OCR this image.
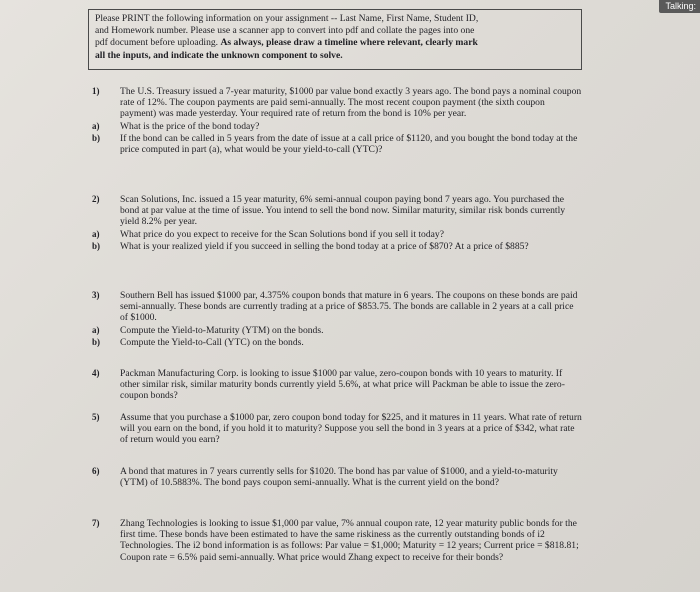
Talking:
Please PRINT the following information on your assignment -- Last Name, First Name, Student ID,
and Homework number. Please use a scanner app to convert into pdf and collate the pages into one
pdf document before uploading. As always, please draw a timeline where relevant, clearly mark
all the inputs, and indicate the unknown component to solve.
1)	The U.S. Treasury issued a 7-year maturity, $1000 par value bond exactly 3 years ago. The bond pays a nominal coupon rate of 12%. The coupon payments are paid semi-annually. The most recent coupon payment (the sixth coupon payment) was made yesterday. Your required rate of return from the bond is 10% per year.
a)	What is the price of the bond today?
b)	If the bond can be called in 5 years from the date of issue at a call price of $1120, and you bought the bond today at the price computed in part (a), what would be your yield-to-call (YTC)?
2)	Scan Solutions, Inc. issued a 15 year maturity, 6% semi-annual coupon paying bond 7 years ago. You purchased the bond at par value at the time of issue. You intend to sell the bond now. Similar maturity, similar risk bonds currently yield 8.2% per year.
a)	What price do you expect to receive for the Scan Solutions bond if you sell it today?
b)	What is your realized yield if you succeed in selling the bond today at a price of $870? At a price of $885?
3)	Southern Bell has issued $1000 par, 4.375% coupon bonds that mature in 6 years. The coupons on these bonds are paid semi-annually. These bonds are currently trading at a price of $853.75. The bonds are callable in 2 years at a call price of $1000.
a)	Compute the Yield-to-Maturity (YTM) on the bonds.
b)	Compute the Yield-to-Call (YTC) on the bonds.
4)	Packman Manufacturing Corp. is looking to issue $1000 par value, zero-coupon bonds with 10 years to maturity. If other similar risk, similar maturity bonds currently yield 5.6%, at what price will Packman be able to issue the zero-coupon bonds?
5)	Assume that you purchase a $1000 par, zero coupon bond today for $225, and it matures in 11 years. What rate of return will you earn on the bond, if you hold it to maturity? Suppose you sell the bond in 3 years at a price of $342, what rate of return would you earn?
6)	A bond that matures in 7 years currently sells for $1020. The bond has par value of $1000, and a yield-to-maturity (YTM) of 10.5883%. The bond pays coupon semi-annually. What is the current yield on the bond?
7)	Zhang Technologies is looking to issue $1,000 par value, 7% annual coupon rate, 12 year maturity public bonds for the first time. These bonds have been estimated to have the same riskiness as the currently outstanding bonds of i2 Technologies. The i2 bond information is as follows: Par value = $1,000; Maturity = 12 years; Current price = $818.81; Coupon rate = 6.5% paid semi-annually. What price would Zhang expect to receive for their bonds?
